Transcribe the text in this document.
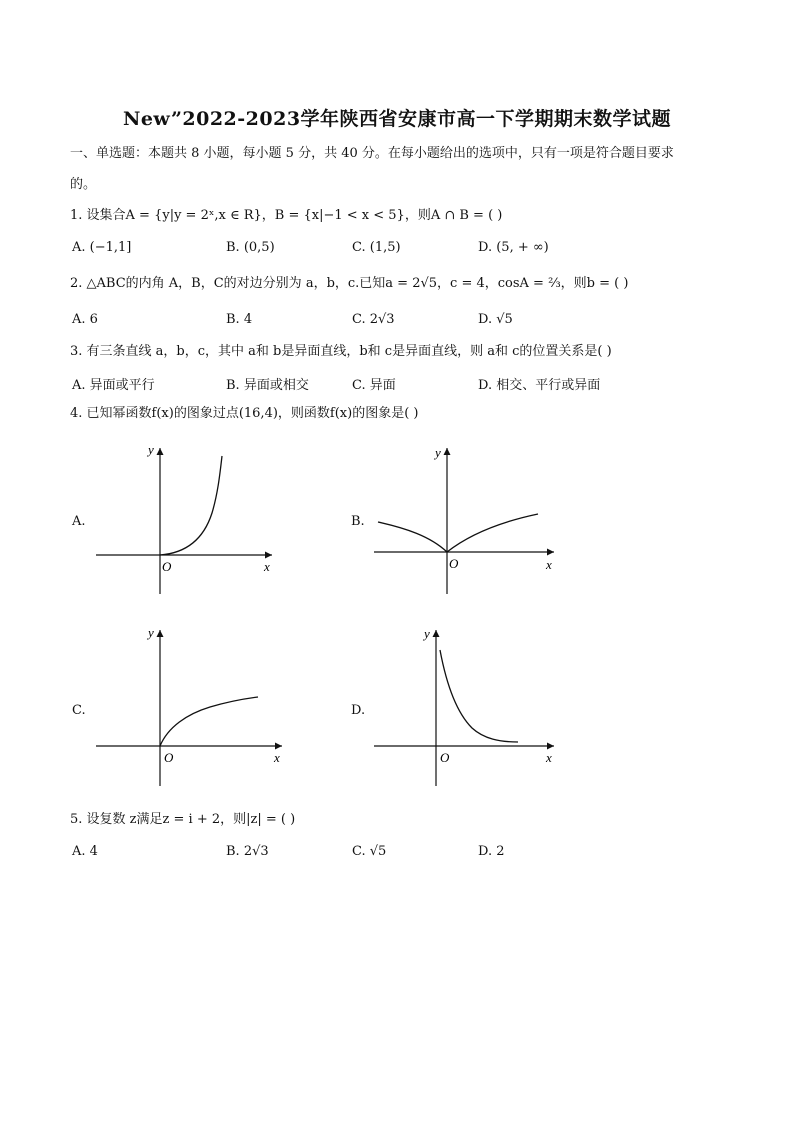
New”2022-2023学年陕西省安康市高一下学期期末数学试题
一、单选题：本题共 8 小题，每小题 5 分，共 40 分。在每小题给出的选项中，只有一项是符合题目要求
的。
1. 设集合A = {y|y = 2ˣ,x ∈ R}，B = {x|−1 < x < 5}，则A ∩ B = ( )
A. (−1,1]	B. (0,5)	C. (1,5)	D. (5, + ∞)
2. △ABC的内角 A，B，C的对边分别为 a，b，c.已知a = 2√5，c = 4，cosA = ⅔，则b = ( )
A. 6	B. 4	C. 2√3	D. √5
3. 有三条直线 a，b，c，其中 a和 b是异面直线，b和 c是异面直线，则 a和 c的位置关系是( )
A. 异面或平行	B. 异面或相交	C. 异面	D. 相交、平行或异面
4. 已知幂函数f(x)的图象过点(16,4)，则函数f(x)的图象是( )
A.	B.
C.	D.
y
x
O
y
x
O
y
x
O
y
x
O
5. 设复数 z满足z = i + 2，则|z| = ( )
A. 4	B. 2√3	C. √5	D. 2
